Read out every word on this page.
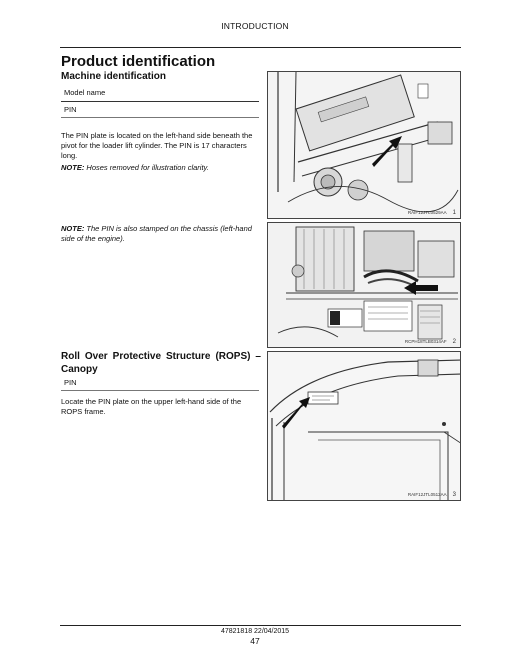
INTRODUCTION
Product identification
Machine identification
Model name
PIN
The PIN plate is located on the left-hand side beneath the pivot for the loader lift cylinder. The PIN is 17 characters long.
NOTE: Hoses removed for illustration clarity.
NOTE: The PIN is also stamped on the chassis (left-hand side of the engine).
Roll Over Protective Structure (ROPS) – Canopy
PIN
Locate the PIN plate on the upper left-hand side of the ROPS frame.
RAIF12JTL0529AA 1
RCPH18TLB0314AF 2
RAIF12JTL0512AA 3
47821818 22/04/2015
47
